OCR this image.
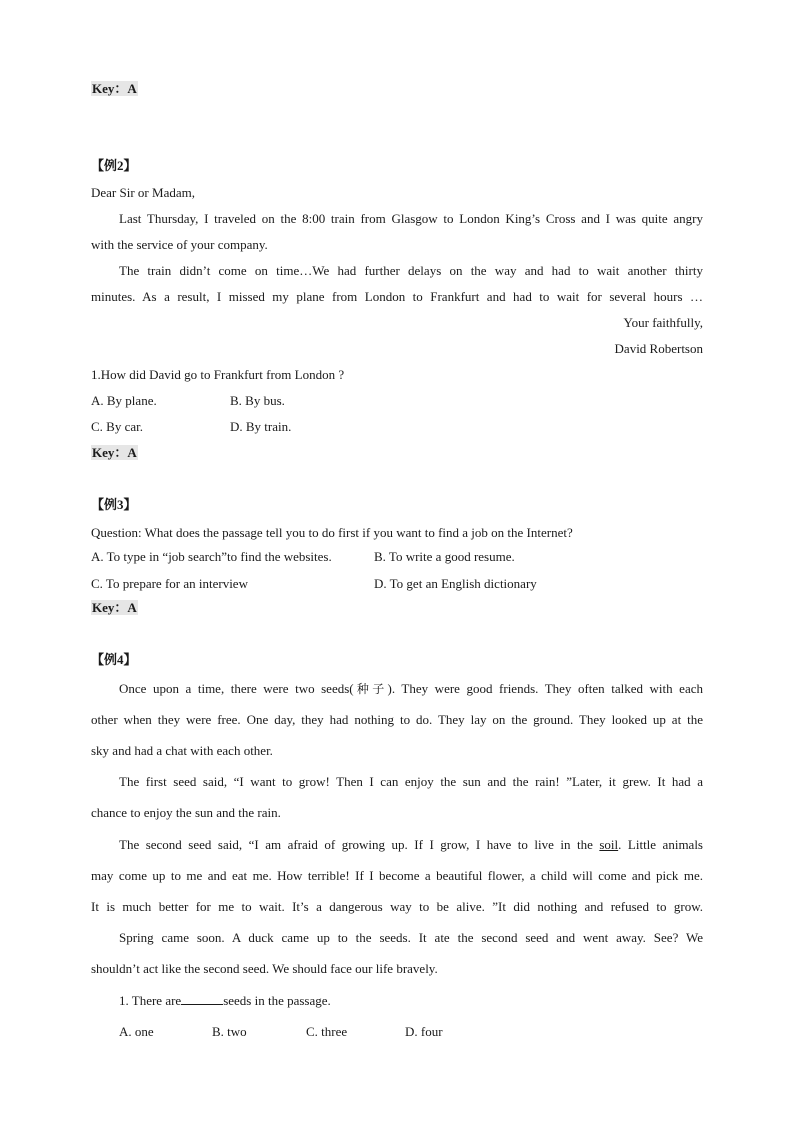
Key：A
【例2】
Dear Sir or Madam,
Last Thursday, I traveled on the 8:00 train from Glasgow to London King’s Cross and I was quite angry
with the service of your company.
The train didn’t come on time…We had further delays on the way and had to wait another thirty
minutes. As a result, I missed my plane from London to Frankfurt and had to wait for several hours …
Your faithfully,
David Robertson
1.How did David go to Frankfurt from London ?
A. By plane.	B. By bus.
C. By car.	D. By train.
Key：A
【例3】
Question: What does the passage tell you to do first if you want to find a job on the Internet?
A. To type in “job search”to find the websites.	B. To write a good resume.
C. To prepare for an interview	D. To get an English dictionary
Key：A
【例4】
Once upon a time, there were two seeds(种子). They were good friends. They often talked with each
other when they were free. One day, they had nothing to do. They lay on the ground. They looked up at the
sky and had a chat with each other.
The first seed said, “I want to grow! Then I can enjoy the sun and the rain! ”Later, it grew. It had a
chance to enjoy the sun and the rain.
The second seed said, “I am afraid of growing up. If I grow, I have to live in the soil. Little animals
may come up to me and eat me. How terrible! If I become a beautiful flower, a child will come and pick me.
It is much better for me to wait. It’s a dangerous way to be alive. ”It did nothing and refused to grow.
Spring came soon. A duck came up to the seeds. It ate the second seed and went away. See? We
shouldn’t act like the second seed. We should face our life bravely.
1. There are	seeds in the passage.
A. one	B. two	C. three	D. four
